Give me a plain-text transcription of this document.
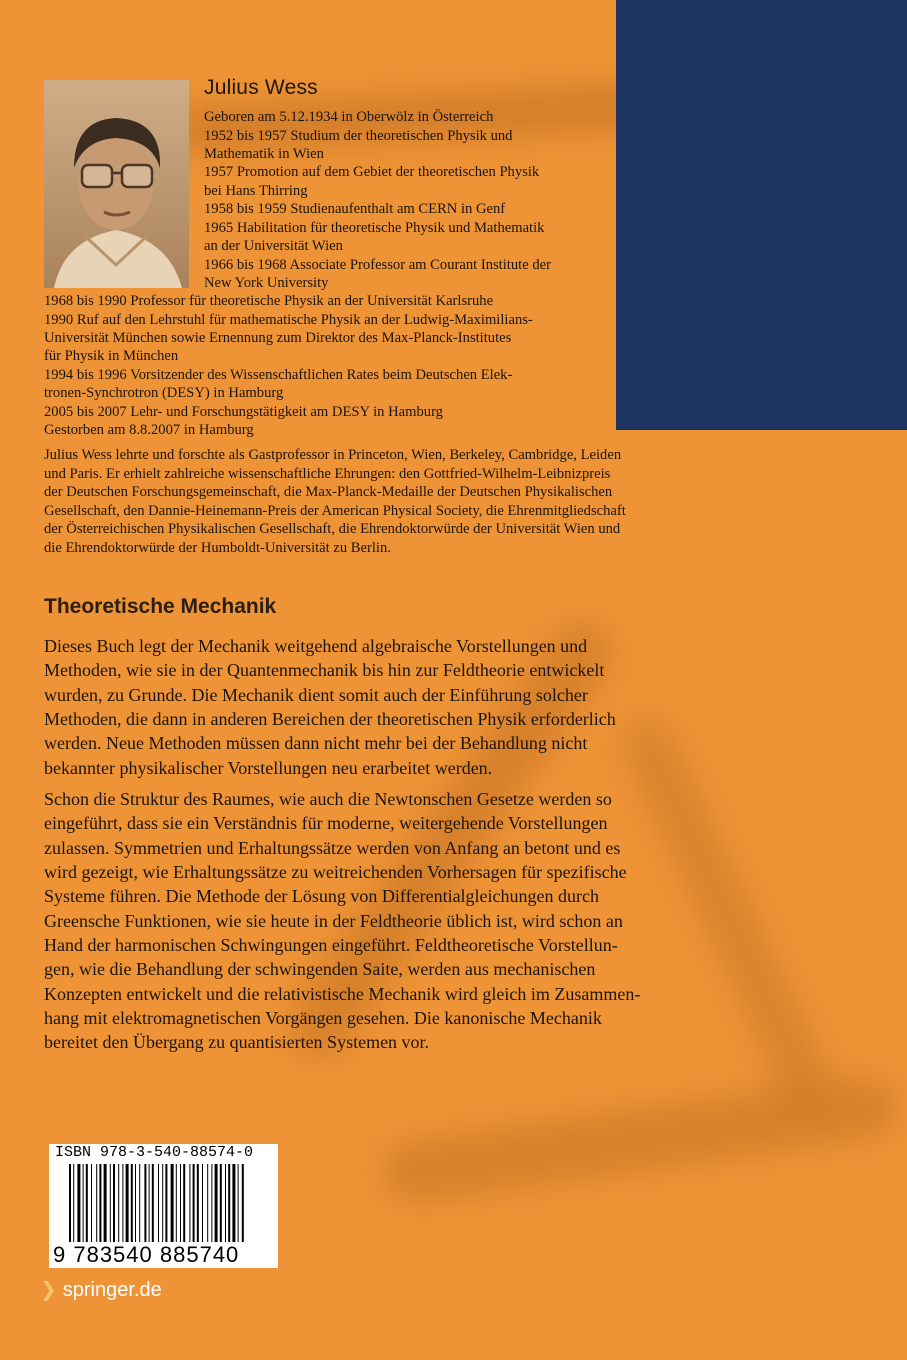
Julius Wess
Geboren am 5.12.1934 in Oberwölz in Österreich
1952 bis 1957 Studium der theoretischen Physik und
Mathematik in Wien
1957 Promotion auf dem Gebiet der theoretischen Physik
bei Hans Thirring
1958 bis 1959 Studienaufenthalt am CERN in Genf
1965 Habilitation für theoretische Physik und Mathematik
an der Universität Wien
1966 bis 1968 Associate Professor am Courant Institute der
New York University
1968 bis 1990 Professor für theoretische Physik an der Universität Karlsruhe
1990 Ruf auf den Lehrstuhl für mathematische Physik an der Ludwig-Maximilians-
Universität München sowie Ernennung zum Direktor des Max-Planck-Institutes
für Physik in München
1994 bis 1996 Vorsitzender des Wissenschaftlichen Rates beim Deutschen Elek-
tronen-Synchrotron (DESY) in Hamburg
2005 bis 2007 Lehr- und Forschungstätigkeit am DESY in Hamburg
Gestorben am 8.8.2007 in Hamburg
Julius Wess lehrte und forschte als Gastprofessor in Princeton, Wien, Berkeley, Cambridge, Leiden
und Paris. Er erhielt zahlreiche wissenschaftliche Ehrungen: den Gottfried-Wilhelm-Leibnizpreis
der Deutschen Forschungsgemeinschaft, die Max-Planck-Medaille der Deutschen Physikalischen
Gesellschaft, den Dannie-Heinemann-Preis der American Physical Society, die Ehrenmitgliedschaft
der Österreichischen Physikalischen Gesellschaft, die Ehrendoktorwürde der Universität Wien und
die Ehrendoktorwürde der Humboldt-Universität zu Berlin.
Theoretische Mechanik
Dieses Buch legt der Mechanik weitgehend algebraische Vorstellungen und
Methoden, wie sie in der Quantenmechanik bis hin zur Feldtheorie entwickelt
wurden, zu Grunde. Die Mechanik dient somit auch der Einführung solcher
Methoden, die dann in anderen Bereichen der theoretischen Physik erforderlich
werden. Neue Methoden müssen dann nicht mehr bei der Behandlung nicht
bekannter physikalischer Vorstellungen neu erarbeitet werden.
Schon die Struktur des Raumes, wie auch die Newtonschen Gesetze werden so
eingeführt, dass sie ein Verständnis für moderne, weitergehende Vorstellungen
zulassen. Symmetrien und Erhaltungssätze werden von Anfang an betont und es
wird gezeigt, wie Erhaltungssätze zu weitreichenden Vorhersagen für spezifische
Systeme führen. Die Methode der Lösung von Differentialgleichungen durch
Greensche Funktionen, wie sie heute in der Feldtheorie üblich ist, wird schon an
Hand der harmonischen Schwingungen eingeführt. Feldtheoretische Vorstellun-
gen, wie die Behandlung der schwingenden Saite, werden aus mechanischen
Konzepten entwickelt und die relativistische Mechanik wird gleich im Zusammen-
hang mit elektromagnetischen Vorgängen gesehen. Die kanonische Mechanik
bereitet den Übergang zu quantisierten Systemen vor.
ISBN 978-3-540-88574-0
9 783540 885740
❯ springer.de
